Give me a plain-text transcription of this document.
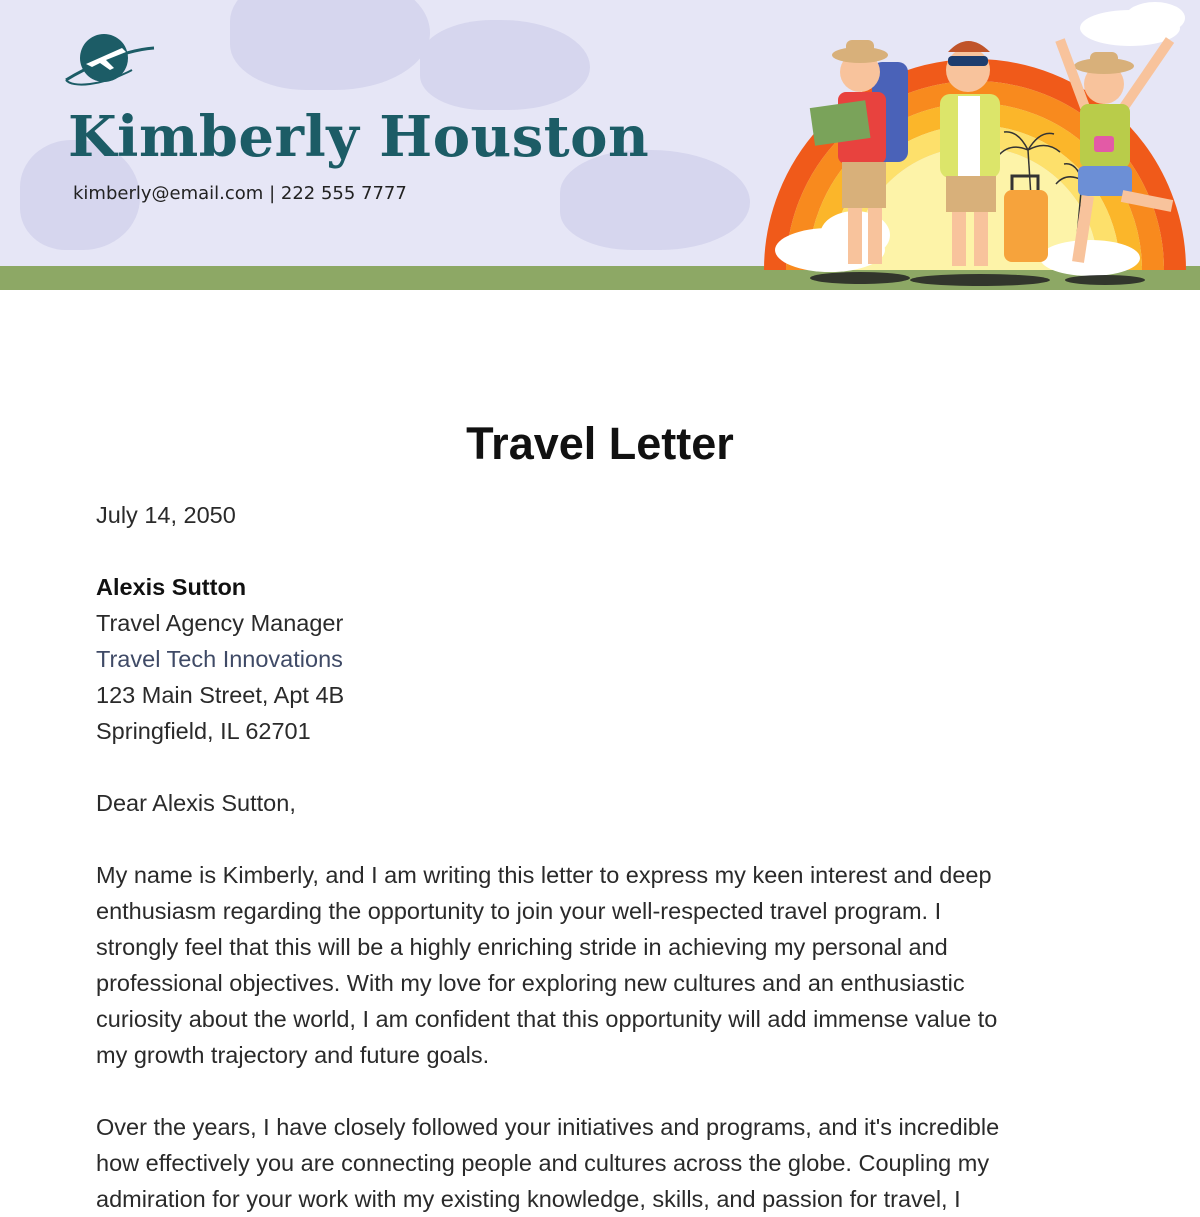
Kimberly Houston
kimberly@email.com | 222 555 7777
Travel Letter
July 14, 2050
Alexis Sutton
Travel Agency Manager
Travel Tech Innovations
123 Main Street, Apt 4B
Springfield, IL 62701
Dear Alexis Sutton,
My name is Kimberly, and I am writing this letter to express my keen interest and deep
enthusiasm regarding the opportunity to join your well-respected travel program. I
strongly feel that this will be a highly enriching stride in achieving my personal and
professional objectives. With my love for exploring new cultures and an enthusiastic
curiosity about the world, I am confident that this opportunity will add immense value to
my growth trajectory and future goals.
Over the years, I have closely followed your initiatives and programs, and it's incredible
how effectively you are connecting people and cultures across the globe. Coupling my
admiration for your work with my existing knowledge, skills, and passion for travel, I
